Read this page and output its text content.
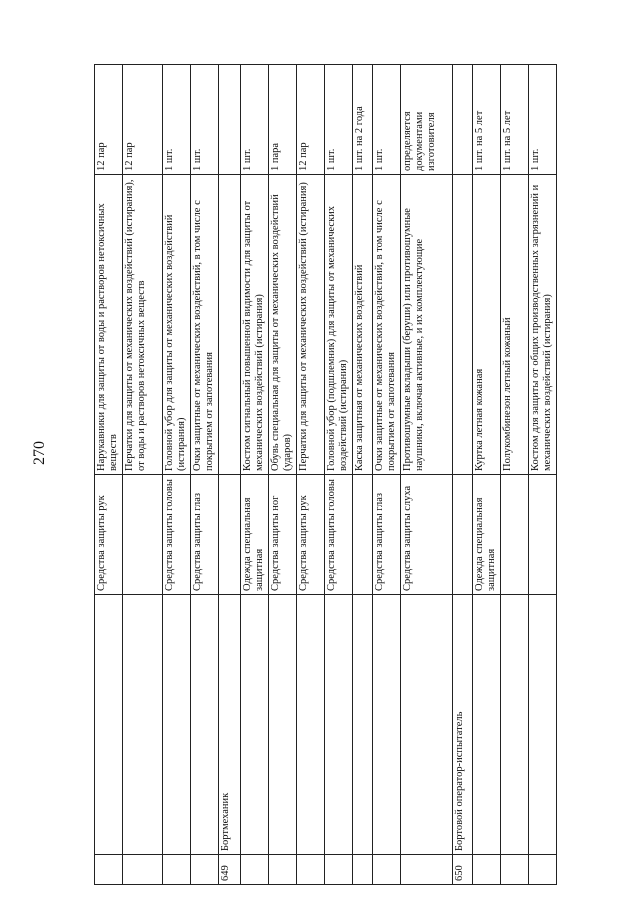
270
		Средства защиты рук	Нарукавники для защиты от воды и растворов нетоксичных веществ	12 пар
			Перчатки для защиты от механических воздействий (истирания), от воды и растворов нетоксичных веществ	12 пар
		Средства защиты головы	Головной убор для защиты от механических воздействий (истирания)	1 шт.
		Средства защиты глаз	Очки защитные от механических воздействий, в том числе с покрытием от запотевания	1 шт.
649	Бортмеханик			
		Одежда специальная защитная	Костюм сигнальный повышенной видимости для защиты от механических воздействий (истирания)	1 шт.
		Средства защиты ног	Обувь специальная для защиты от механических воздействий (ударов)	1 пара
		Средства защиты рук	Перчатки для защиты от механических воздействий (истирания)	12 пар
		Средства защиты головы	Головной убор (подшлемник) для защиты от механических воздействий (истирания)	1 шт.
			Каска защитная от механических воздействий	1 шт. на 2 года
		Средства защиты глаз	Очки защитные от механических воздействий, в том числе с покрытием от запотевания	1 шт.
		Средства защиты слуха	Противошумные вкладыши (беруши) или противошумные наушники, включая активные, и их комплектующие	определяется документами изготовителя
650	Бортовой оператор-испытатель			
		Одежда специальная защитная	Куртка летная кожаная	1 шт. на 5 лет
			Полукомбинезон летный кожаный	1 шт. на 5 лет
			Костюм для защиты от общих производственных загрязнений и механических воздействий (истирания)	1 шт.
